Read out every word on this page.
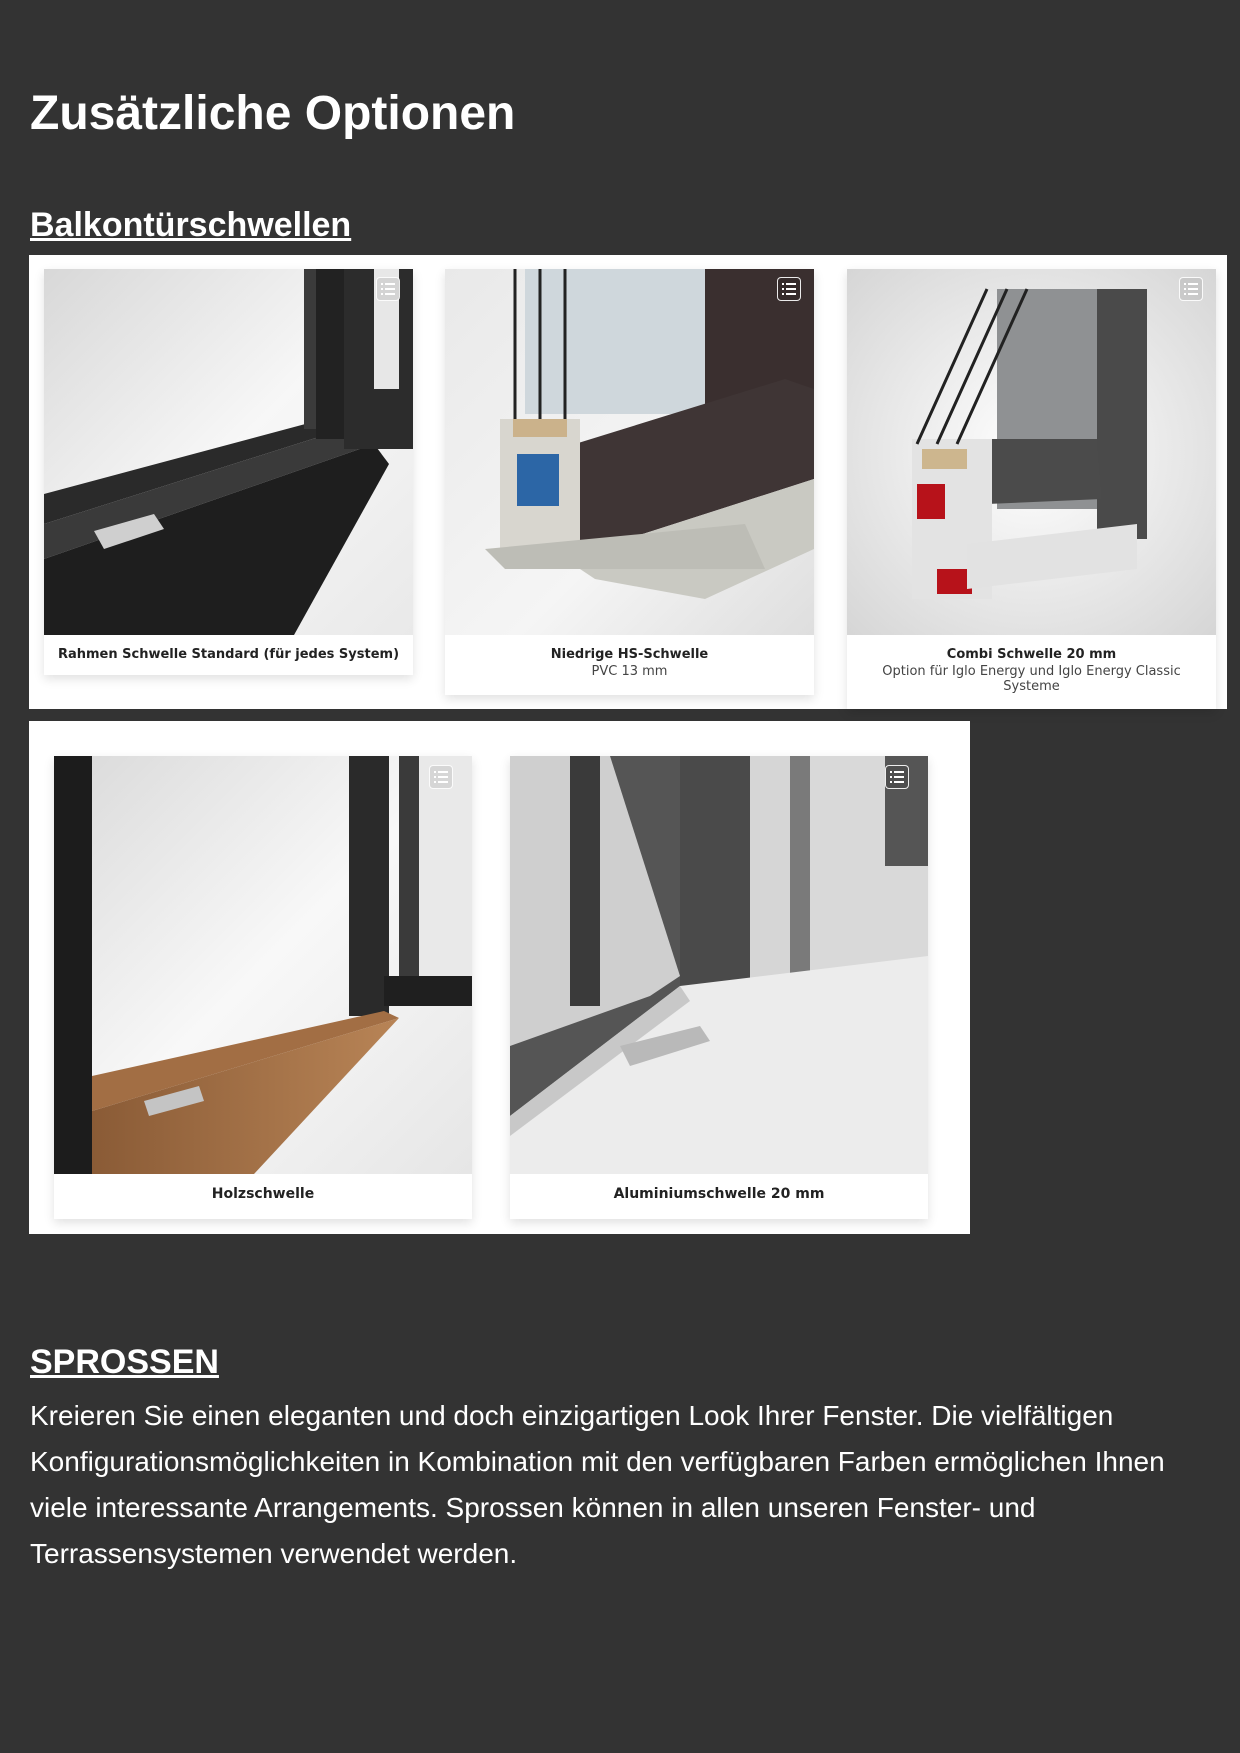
Zusätzliche Optionen
Balkontürschwellen
Rahmen Schwelle Standard (für jedes System)	Niedrige HS-Schwelle
PVC 13 mm
Combi Schwelle 20 mm
Option für Iglo Energy und Iglo Energy Classic Systeme
Holzschwelle	Aluminiumschwelle 20 mm
SPROSSEN

Kreieren Sie einen eleganten und doch einzigartigen Look Ihrer Fenster. Die vielfältigen Konfigurationsmöglichkeiten in Kombination mit den verfügbaren Farben ermöglichen Ihnen viele interessante Arrangements. Sprossen können in allen unseren Fenster- und Terrassensystemen verwendet werden.
